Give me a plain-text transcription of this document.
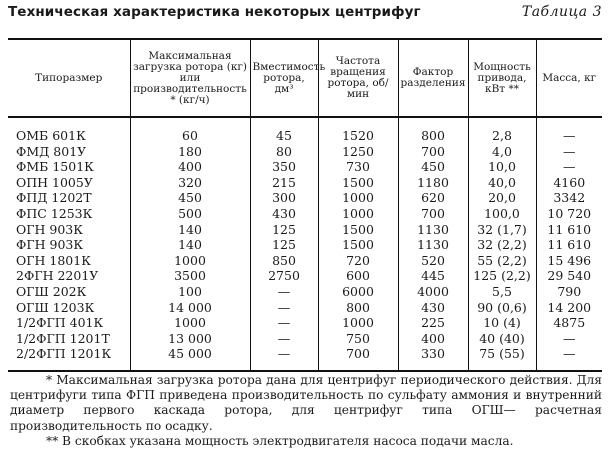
Техническая характеристика некоторых центрифуг	Таблица 3
Типоразмер	Максимальная загрузка ротора (кг) или производительность * (кг/ч)	Вместимость ротора, дм³	Частота вращения ротора, об/мин	Фактор разделения	Мощность привода, кВт **	Масса, кг
ОМБ 601К	60	45	1520	800	2,8	—
ФМД 801У	180	80	1250	700	4,0	—
ФМБ 1501К	400	350	730	450	10,0	—
ОПН 1005У	320	215	1500	1180	40,0	4160
ФПД 1202Т	450	300	1000	620	20,0	3342
ФПС 1253К	500	430	1000	700	100,0	10 720
ОГН 903К	140	125	1500	1130	32 (1,7)	11 610
ФГН 903К	140	125	1500	1130	32 (2,2)	11 610
ОГН 1801К	1000	850	720	520	55 (2,2)	15 496
2ФГН 2201У	3500	2750	600	445	125 (2,2)	29 540
ОГШ 202К	100	—	6000	4000	5,5	790
ОГШ 1203К	14 000	—	800	430	90 (0,6)	14 200
1/2ФГП 401К	1000	—	1000	225	10 (4)	4875
1/2ФГП 1201Т	13 000	—	750	400	40 (40)	—
2/2ФГП 1201К	45 000	—	700	330	75 (55)	—

* Максимальная загрузка ротора дана для центрифуг периодического действия. Для центрифуги типа ФГП приведена производительность по сульфату аммония и внутренний диаметр первого каскада ротора, для центрифуг типа ОГШ— расчетная производительность по осадку.

** В скобках указана мощность электродвигателя насоса подачи масла.
